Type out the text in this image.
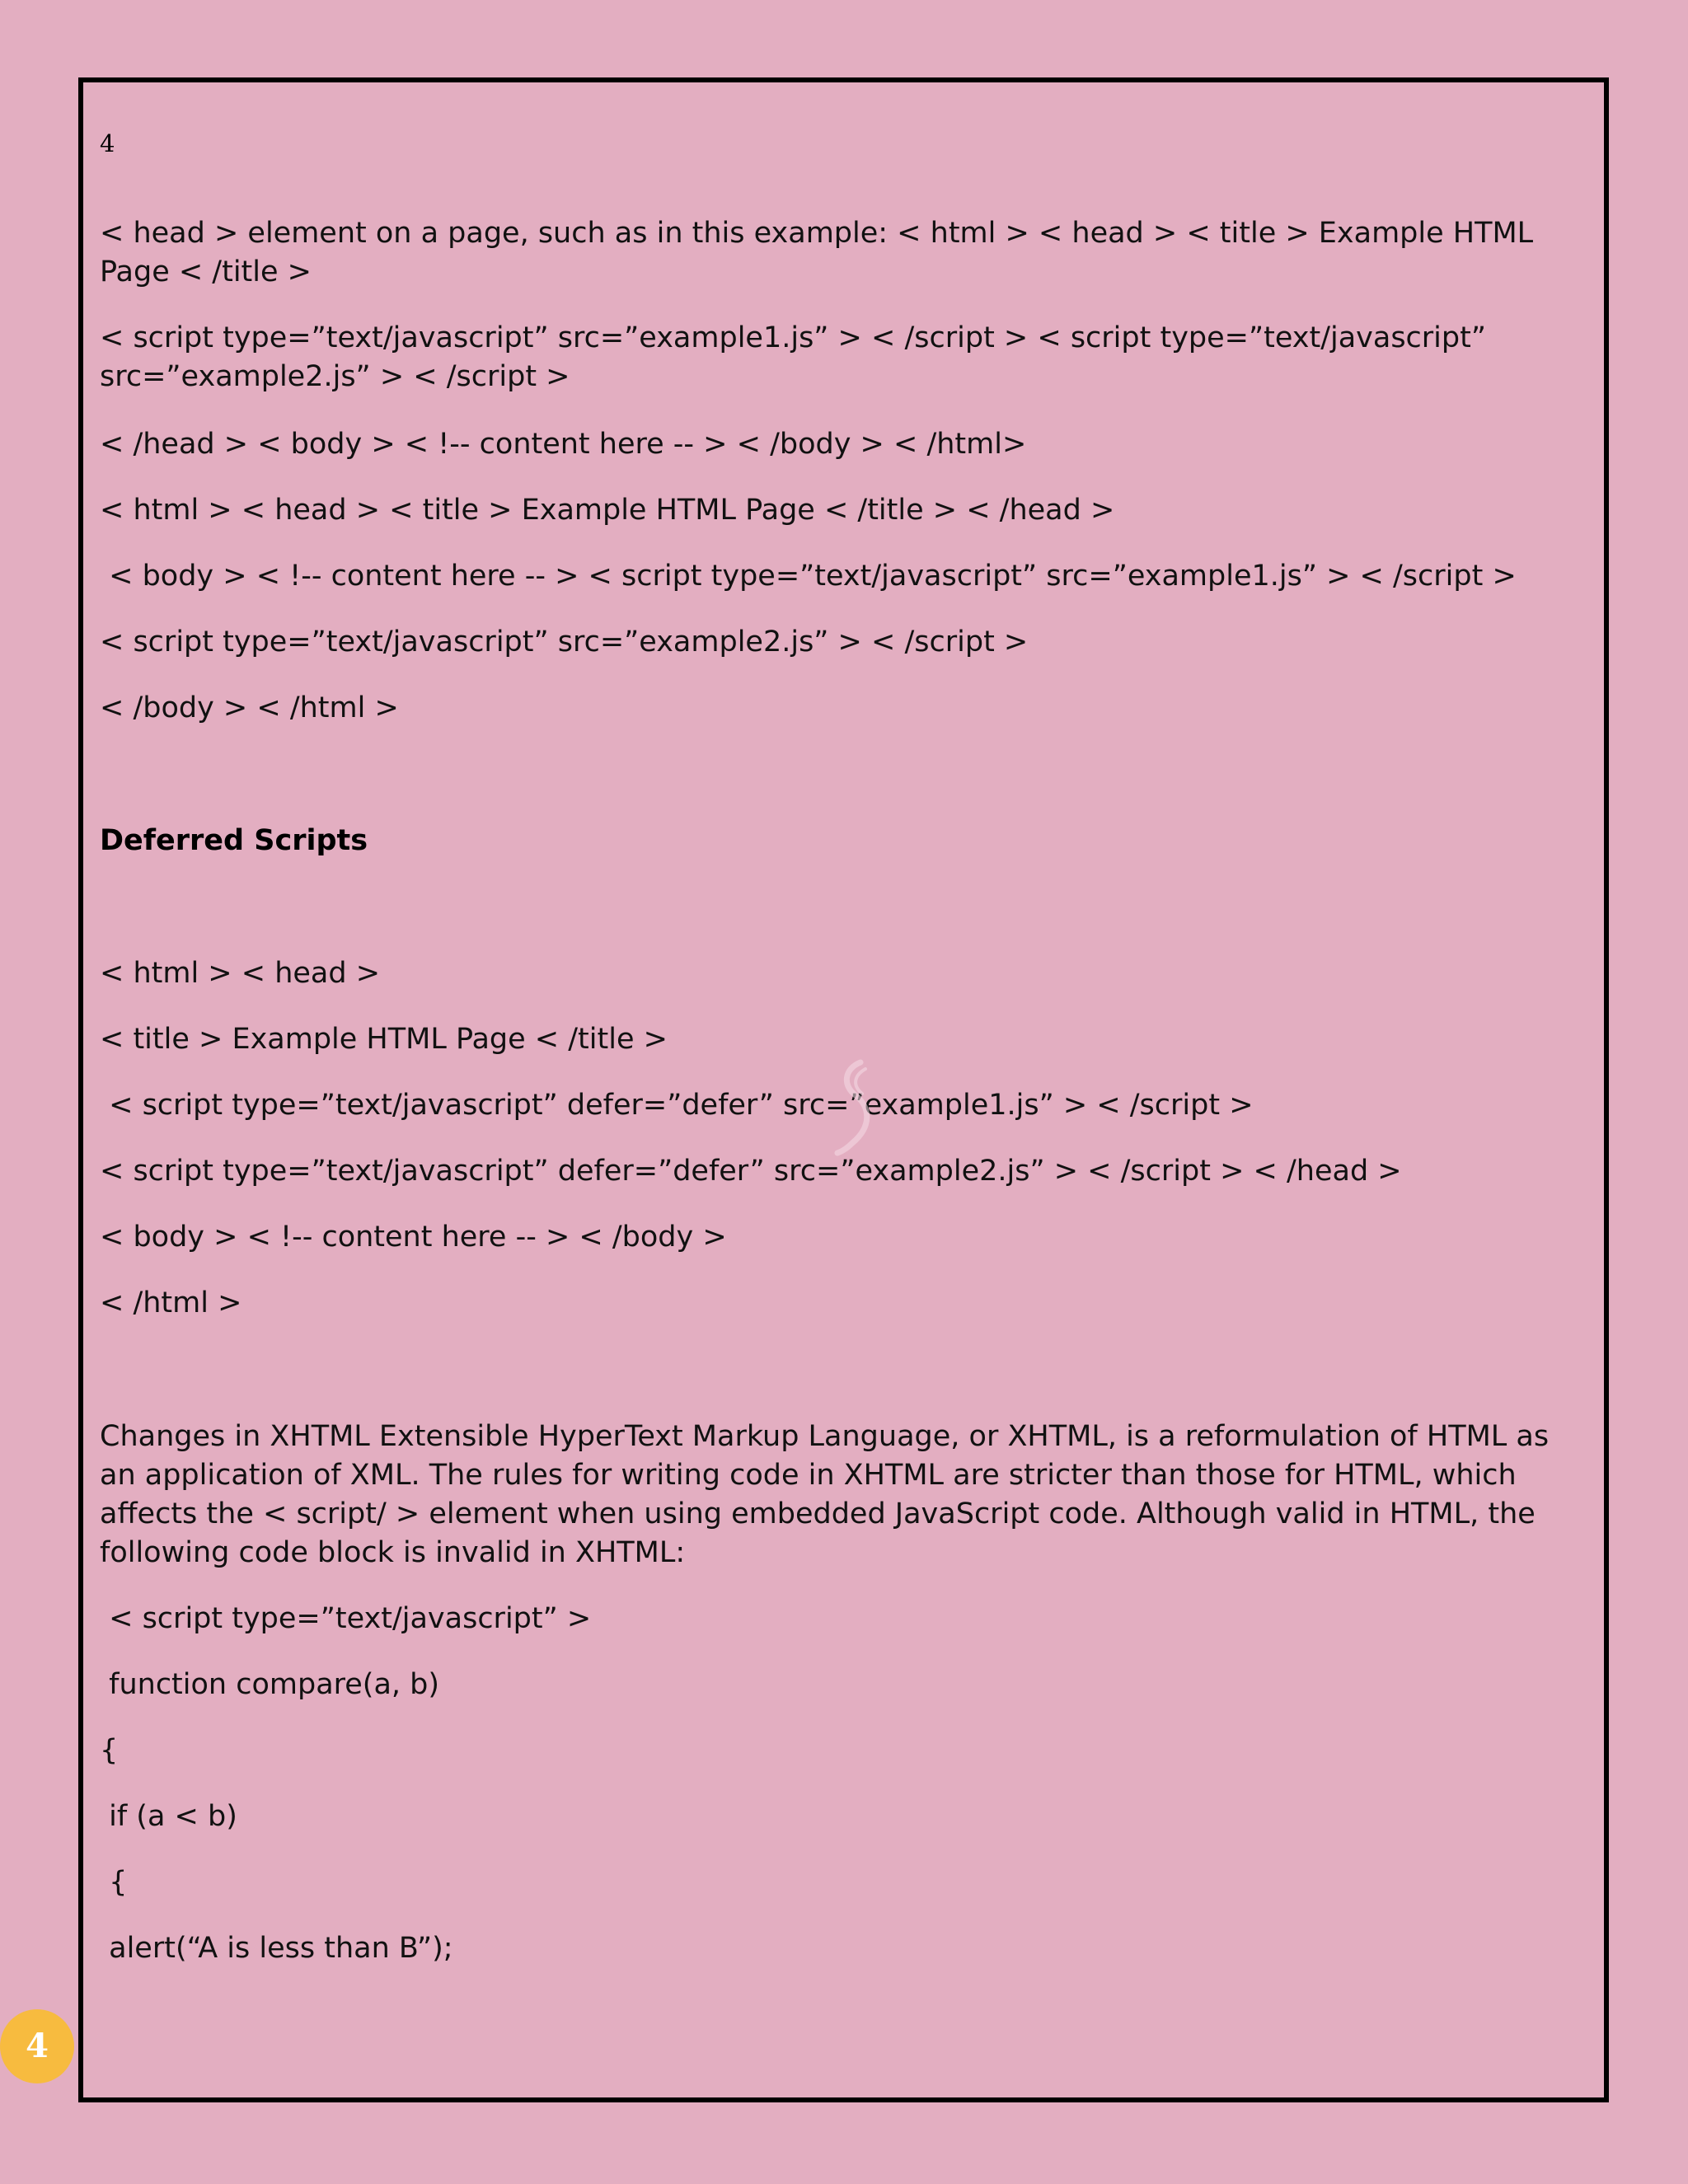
4
< head > element on a page, such as in this example: < html > < head > < title > Example HTML Page < /title >
< script type=”text/javascript” src=”example1.js” > < /script > < script type=”text/javascript” src=”example2.js” > < /script >
< /head > < body > < !-- content here -- > < /body > < /html>
< html > < head > < title > Example HTML Page < /title > < /head >
< body > < !-- content here -- > < script type=”text/javascript” src=”example1.js” > < /script >
< script type=”text/javascript” src=”example2.js” > < /script >
< /body > < /html >
Deferred Scripts
< html > < head >
< title > Example HTML Page < /title >
< script type=”text/javascript” defer=”defer” src=”example1.js” > < /script >
< script type=”text/javascript” defer=”defer” src=”example2.js” > < /script > < /head >
< body > < !-- content here -- > < /body >
< /html >
Changes in XHTML Extensible HyperText Markup Language, or XHTML, is a reformulation of HTML as an application of XML. The rules for writing code in XHTML are stricter than those for HTML, which affects the < script/ > element when using embedded JavaScript code. Although valid in HTML, the following code block is invalid in XHTML:
< script type=”text/javascript” >
function compare(a, b)
{
if (a < b)
{
alert(“A is less than B”);
4
